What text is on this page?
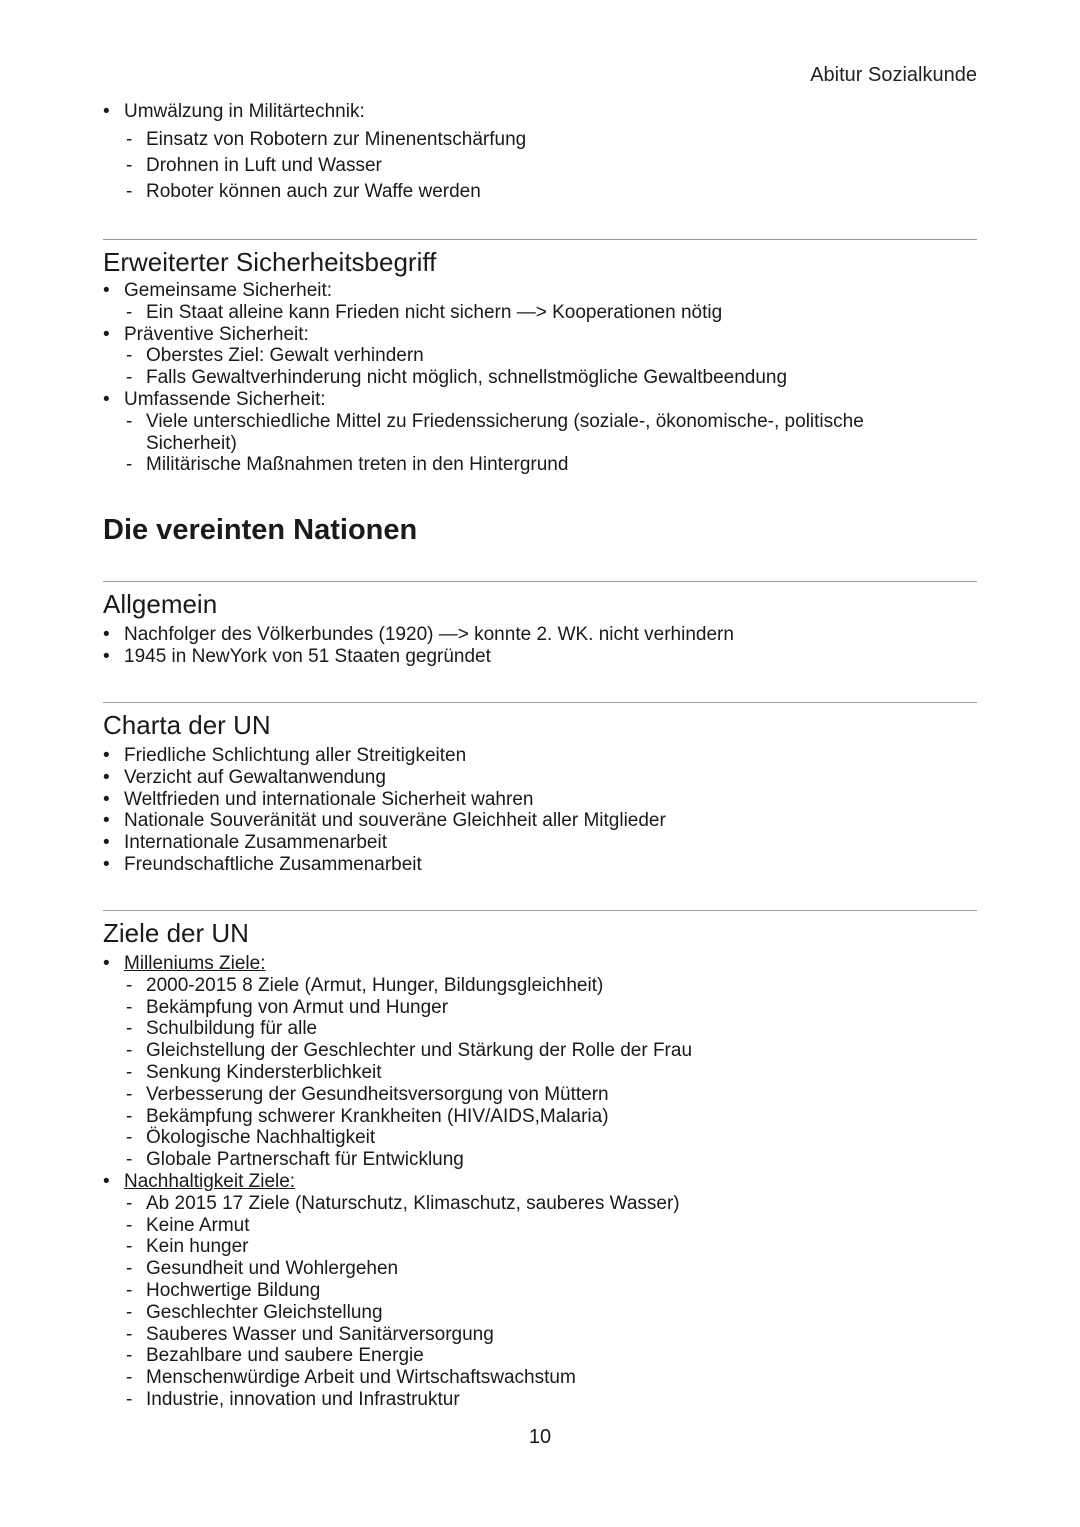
Abitur Sozialkunde
• Umwälzung in Militärtechnik:
- Einsatz von Robotern zur Minenentschärfung
- Drohnen in Luft und Wasser
- Roboter können auch zur Waffe werden
Erweiterter Sicherheitsbegriff
• Gemeinsame Sicherheit:
- Ein Staat alleine kann Frieden nicht sichern —> Kooperationen nötig
• Präventive Sicherheit:
- Oberstes Ziel: Gewalt verhindern
- Falls Gewaltverhinderung nicht möglich, schnellstmögliche Gewaltbeendung
• Umfassende Sicherheit:
- Viele unterschiedliche Mittel zu Friedenssicherung (soziale-, ökonomische-, politische Sicherheit)
- Militärische Maßnahmen treten in den Hintergrund
Die vereinten Nationen
Allgemein
• Nachfolger des Völkerbundes (1920) —> konnte 2. WK. nicht verhindern
• 1945 in NewYork von 51 Staaten gegründet
Charta der UN
• Friedliche Schlichtung aller Streitigkeiten
• Verzicht auf Gewaltanwendung
• Weltfrieden und internationale Sicherheit wahren
• Nationale Souveränität und souveräne Gleichheit aller Mitglieder
• Internationale Zusammenarbeit
• Freundschaftliche Zusammenarbeit
Ziele der UN
• Milleniums Ziele:
- 2000-2015 8 Ziele (Armut, Hunger, Bildungsgleichheit)
- Bekämpfung von Armut und Hunger
- Schulbildung für alle
- Gleichstellung der Geschlechter und Stärkung der Rolle der Frau
- Senkung Kindersterblichkeit
- Verbesserung der Gesundheitsversorgung von Müttern
- Bekämpfung schwerer Krankheiten (HIV/AIDS,Malaria)
- Ökologische Nachhaltigkeit
- Globale Partnerschaft für Entwicklung
• Nachhaltigkeit Ziele:
- Ab 2015 17 Ziele (Naturschutz, Klimaschutz, sauberes Wasser)
- Keine Armut
- Kein hunger
- Gesundheit und Wohlergehen
- Hochwertige Bildung
- Geschlechter Gleichstellung
- Sauberes Wasser und Sanitärversorgung
- Bezahlbare und saubere Energie
- Menschenwürdige Arbeit und Wirtschaftswachstum
- Industrie, innovation und Infrastruktur
10
